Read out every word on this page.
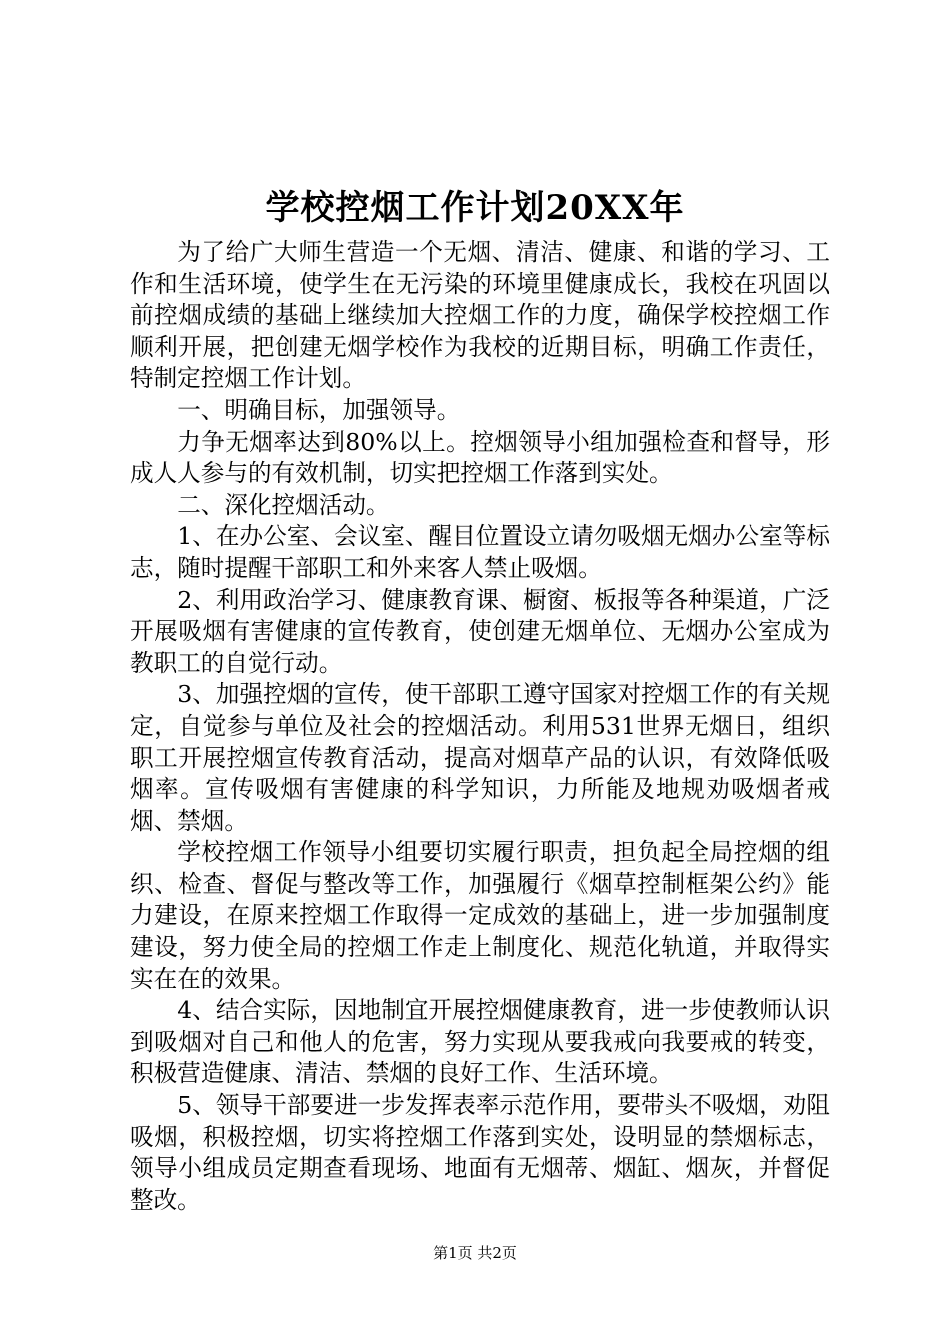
学校控烟工作计划20XX年

为了给广大师生营造一个无烟、清洁、健康、和谐的学习、工作和生活环境，使学生在无污染的环境里健康成长，我校在巩固以前控烟成绩的基础上继续加大控烟工作的力度，确保学校控烟工作顺利开展，把创建无烟学校作为我校的近期目标，明确工作责任，特制定控烟工作计划。

一、明确目标，加强领导。

力争无烟率达到80%以上。控烟领导小组加强检查和督导，形成人人参与的有效机制，切实把控烟工作落到实处。

二、深化控烟活动。

1、在办公室、会议室、醒目位置设立请勿吸烟无烟办公室等标志，随时提醒干部职工和外来客人禁止吸烟。

2、利用政治学习、健康教育课、橱窗、板报等各种渠道，广泛开展吸烟有害健康的宣传教育，使创建无烟单位、无烟办公室成为教职工的自觉行动。

3、加强控烟的宣传，使干部职工遵守国家对控烟工作的有关规定，自觉参与单位及社会的控烟活动。利用531世界无烟日，组织职工开展控烟宣传教育活动，提高对烟草产品的认识，有效降低吸烟率。宣传吸烟有害健康的科学知识，力所能及地规劝吸烟者戒烟、禁烟。

学校控烟工作领导小组要切实履行职责，担负起全局控烟的组织、检查、督促与整改等工作，加强履行《烟草控制框架公约》能力建设，在原来控烟工作取得一定成效的基础上，进一步加强制度建设，努力使全局的控烟工作走上制度化、规范化轨道，并取得实实在在的效果。

4、结合实际，因地制宜开展控烟健康教育，进一步使教师认识到吸烟对自己和他人的危害，努力实现从要我戒向我要戒的转变，积极营造健康、清洁、禁烟的良好工作、生活环境。

5、领导干部要进一步发挥表率示范作用，要带头不吸烟，劝阻吸烟，积极控烟，切实将控烟工作落到实处，设明显的禁烟标志，领导小组成员定期查看现场、地面有无烟蒂、烟缸、烟灰，并督促整改。

第1页 共2页
